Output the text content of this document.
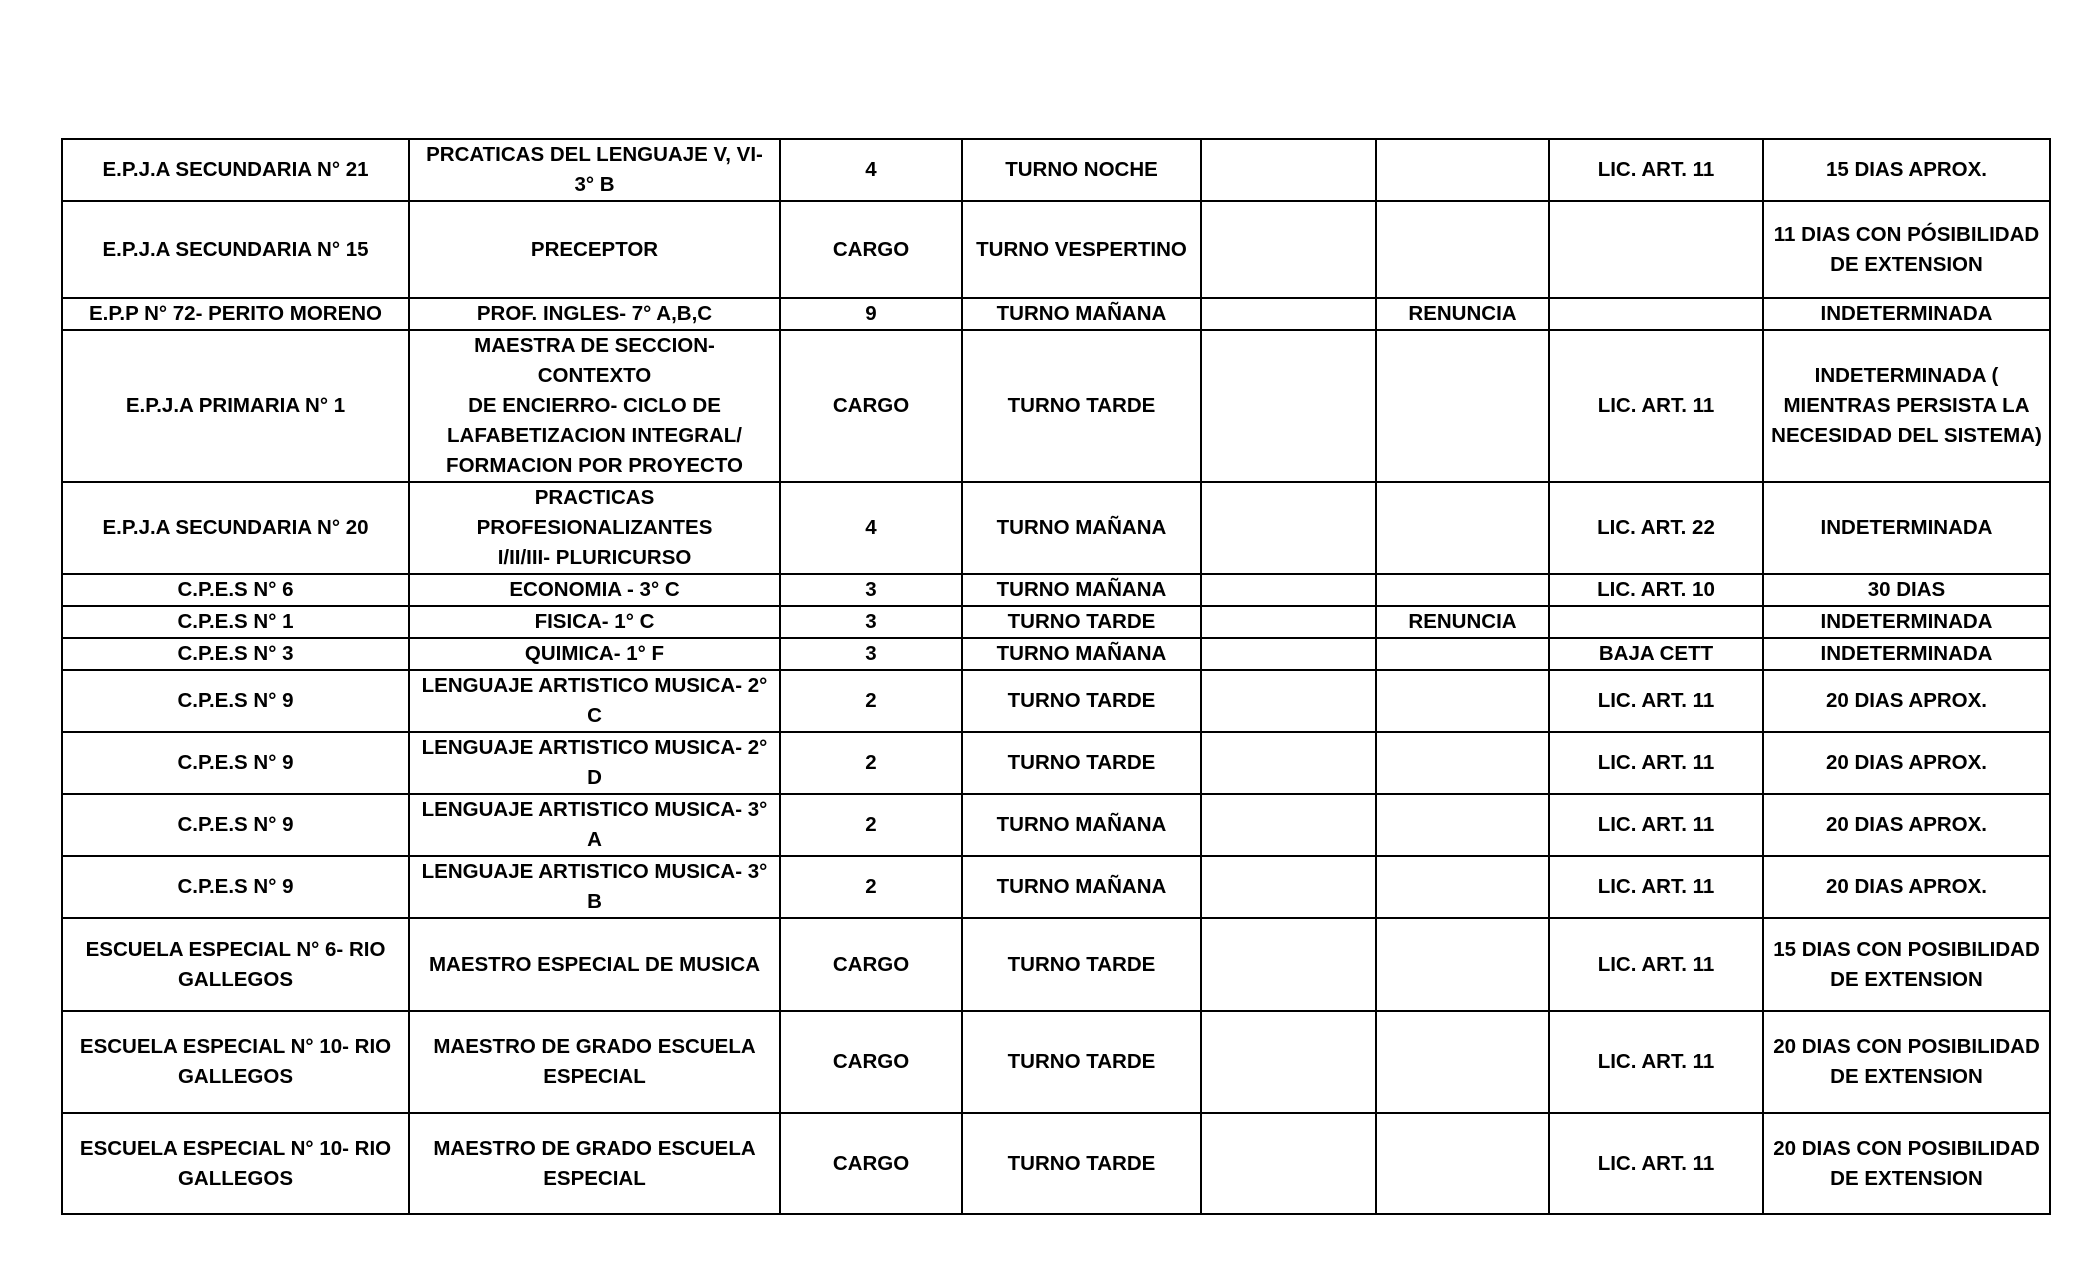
E.P.J.A SECUNDARIA N° 21	PRCATICAS DEL LENGUAJE V, VI- 3° B	4	TURNO NOCHE			LIC. ART. 11	15 DIAS APROX.
E.P.J.A SECUNDARIA N° 15	PRECEPTOR	CARGO	TURNO VESPERTINO				11 DIAS CON PÓSIBILIDAD
DE EXTENSION
E.P.P N° 72- PERITO MORENO	PROF. INGLES- 7° A,B,C	9	TURNO MAÑANA		RENUNCIA		INDETERMINADA
E.P.J.A PRIMARIA N° 1	MAESTRA DE SECCION- CONTEXTO
DE ENCIERRO- CICLO DE
LAFABETIZACION INTEGRAL/
FORMACION POR PROYECTO	CARGO	TURNO TARDE			LIC. ART. 11	INDETERMINADA (
MIENTRAS PERSISTA LA
NECESIDAD DEL SISTEMA)
E.P.J.A SECUNDARIA N° 20	PRACTICAS PROFESIONALIZANTES
I/II/III- PLURICURSO	4	TURNO MAÑANA			LIC. ART. 22	INDETERMINADA
C.P.E.S N° 6	ECONOMIA - 3° C	3	TURNO MAÑANA			LIC. ART. 10	30 DIAS
C.P.E.S N° 1	FISICA- 1° C	3	TURNO TARDE		RENUNCIA		INDETERMINADA
C.P.E.S N° 3	QUIMICA- 1° F	3	TURNO MAÑANA			BAJA CETT	INDETERMINADA
C.P.E.S N° 9	LENGUAJE ARTISTICO MUSICA- 2° C	2	TURNO TARDE			LIC. ART. 11	20 DIAS APROX.
C.P.E.S N° 9	LENGUAJE ARTISTICO MUSICA- 2° D	2	TURNO TARDE			LIC. ART. 11	20 DIAS APROX.
C.P.E.S N° 9	LENGUAJE ARTISTICO MUSICA- 3° A	2	TURNO MAÑANA			LIC. ART. 11	20 DIAS APROX.
C.P.E.S N° 9	LENGUAJE ARTISTICO MUSICA- 3° B	2	TURNO MAÑANA			LIC. ART. 11	20 DIAS APROX.
ESCUELA ESPECIAL N° 6- RIO
GALLEGOS	MAESTRO ESPECIAL DE MUSICA	CARGO	TURNO TARDE			LIC. ART. 11	15 DIAS CON POSIBILIDAD
DE EXTENSION
ESCUELA ESPECIAL N° 10- RIO
GALLEGOS	MAESTRO DE GRADO ESCUELA
ESPECIAL	CARGO	TURNO TARDE			LIC. ART. 11	20 DIAS CON POSIBILIDAD
DE EXTENSION
ESCUELA ESPECIAL N° 10- RIO
GALLEGOS	MAESTRO DE GRADO ESCUELA
ESPECIAL	CARGO	TURNO TARDE			LIC. ART. 11	20 DIAS CON POSIBILIDAD
DE EXTENSION
